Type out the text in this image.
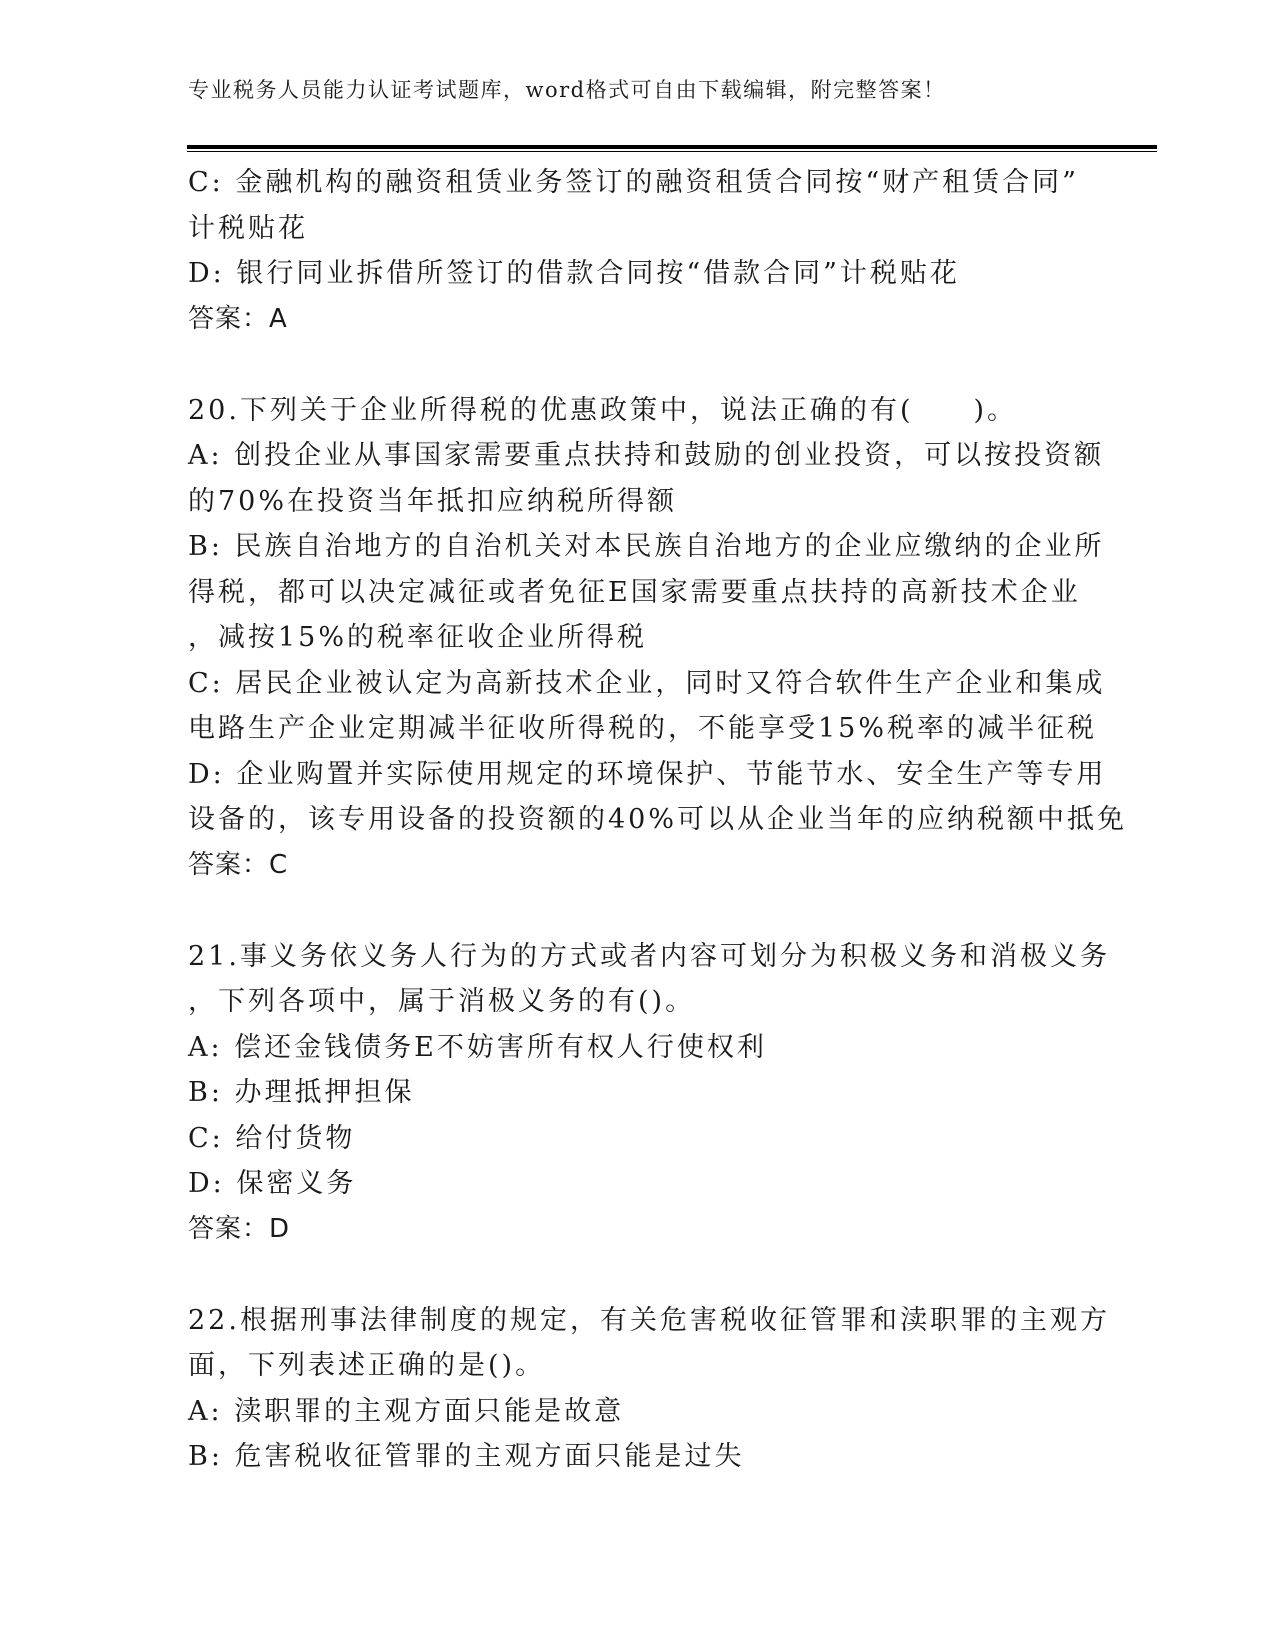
专业税务人员能力认证考试题库，word格式可自由下载编辑，附完整答案！
C: 金融机构的融资租赁业务签订的融资租赁合同按“财产租赁合同”
计税贴花
D: 银行同业拆借所签订的借款合同按“借款合同”计税贴花
答案：A
20.下列关于企业所得税的优惠政策中，说法正确的有(　　)。
A: 创投企业从事国家需要重点扶持和鼓励的创业投资，可以按投资额
的70%在投资当年抵扣应纳税所得额
B: 民族自治地方的自治机关对本民族自治地方的企业应缴纳的企业所
得税，都可以决定减征或者免征E国家需要重点扶持的高新技术企业
，减按15%的税率征收企业所得税
C: 居民企业被认定为高新技术企业，同时又符合软件生产企业和集成
电路生产企业定期减半征收所得税的，不能享受15%税率的减半征税
D: 企业购置并实际使用规定的环境保护、节能节水、安全生产等专用
设备的，该专用设备的投资额的40%可以从企业当年的应纳税额中抵免
答案：C
21.事义务依义务人行为的方式或者内容可划分为积极义务和消极义务
，下列各项中，属于消极义务的有()。
A: 偿还金钱债务E不妨害所有权人行使权利
B: 办理抵押担保
C: 给付货物
D: 保密义务
答案：D
22.根据刑事法律制度的规定，有关危害税收征管罪和渎职罪的主观方
面，下列表述正确的是()。
A: 渎职罪的主观方面只能是故意
B: 危害税收征管罪的主观方面只能是过失
